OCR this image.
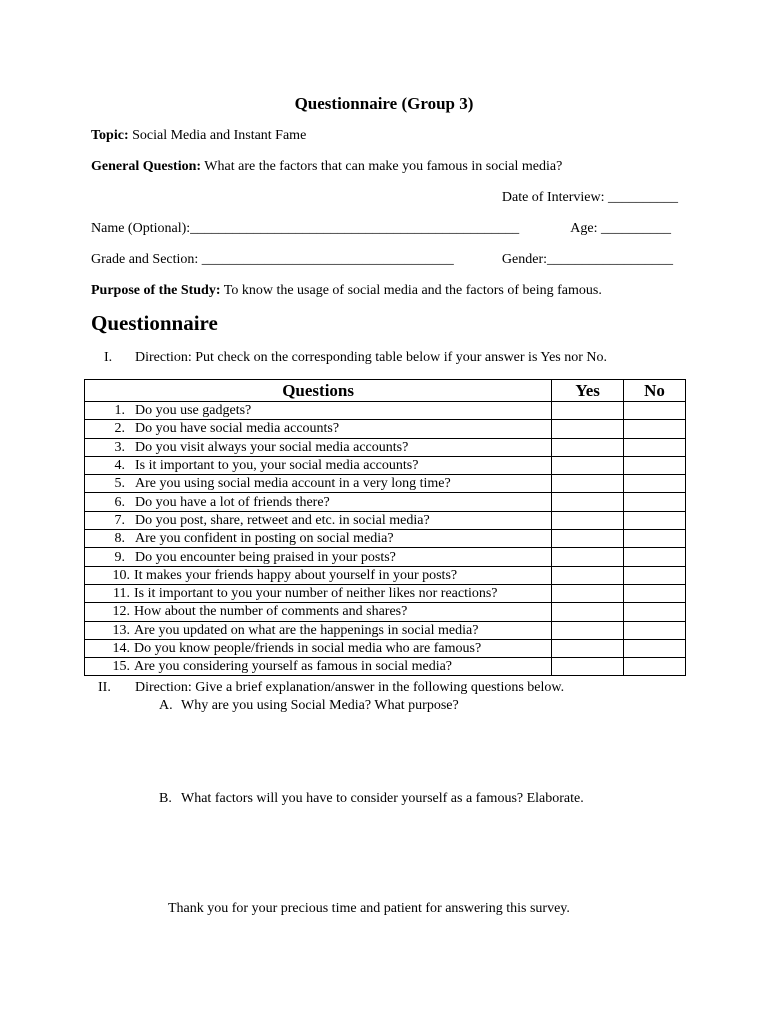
Questionnaire (Group 3)
Topic: Social Media and Instant Fame
General Question: What are the factors that can make you famous in social media?
Date of Interview: __________
Name (Optional):_______________________________________________	Age: __________
Grade and Section: ____________________________________	Gender:__________________
Purpose of the Study: To know the usage of social media and the factors of being famous.
Questionnaire
I. Direction: Put check on the corresponding table below if your answer is Yes nor No.
Questions	Yes	No
1. Do you use gadgets?		
2. Do you have social media accounts?		
3. Do you visit always your social media accounts?		
4. Is it important to you, your social media accounts?		
5. Are you using social media account in a very long time?		
6. Do you have a lot of friends there?		
7. Do you post, share, retweet and etc. in social media?		
8. Are you confident in posting on social media?		
9. Do you encounter being praised in your posts?		
10. It makes your friends happy about yourself in your posts?		
11. Is it important to you your number of neither likes nor reactions?		
12. How about the number of comments and shares?		
13. Are you updated on what are the happenings in social media?		
14. Do you know people/friends in social media who are famous?		
15. Are you considering yourself as famous in social media?		
II. Direction: Give a brief explanation/answer in the following questions below.
A. Why are you using Social Media? What purpose?
B. What factors will you have to consider yourself as a famous? Elaborate.
Thank you for your precious time and patient for answering this survey.
